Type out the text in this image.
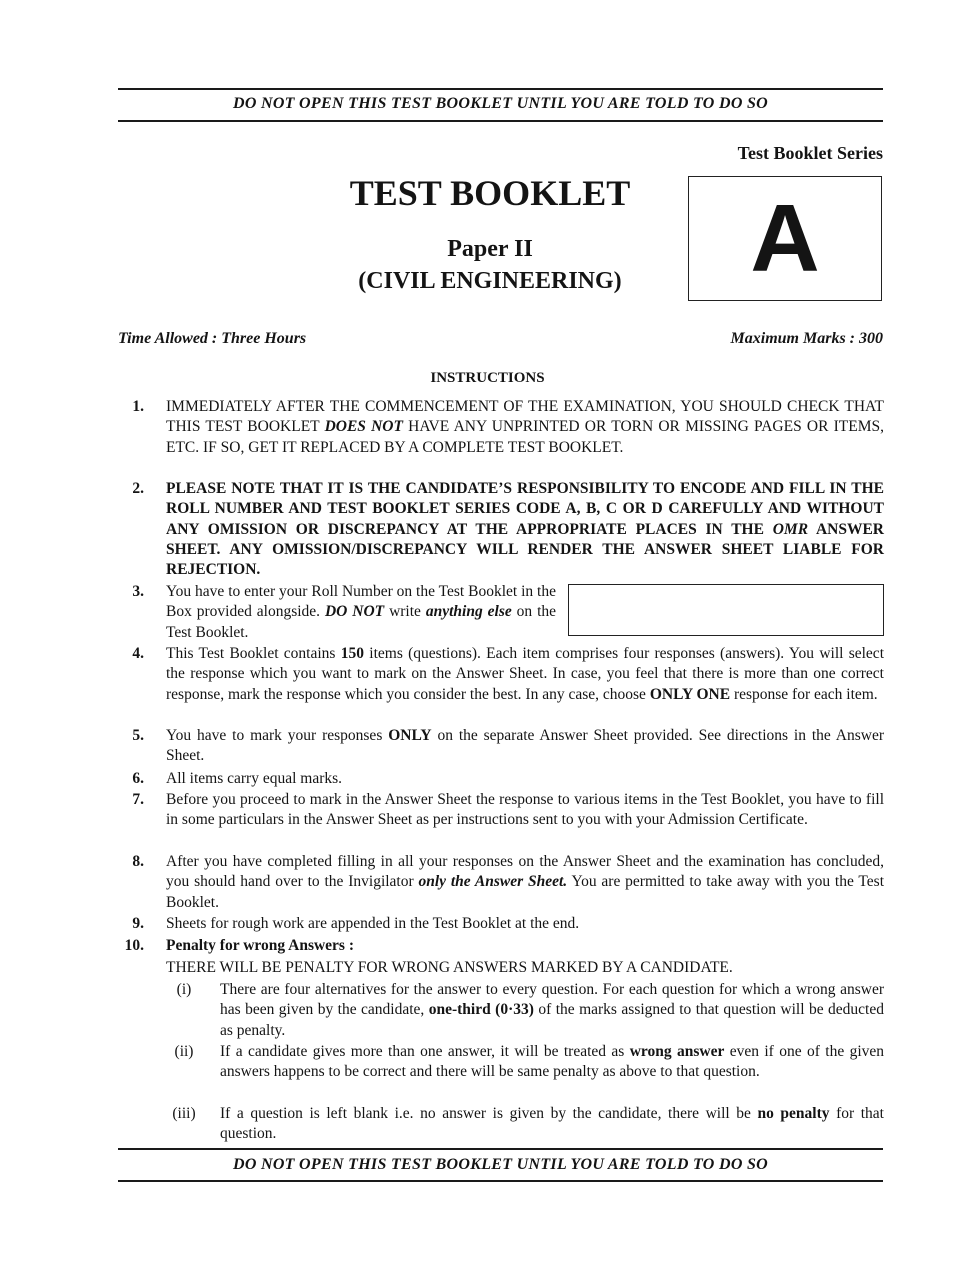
DO NOT OPEN THIS TEST BOOKLET UNTIL YOU ARE TOLD TO DO SO
Test Booklet Series
A
TEST BOOKLET
Paper II
(CIVIL ENGINEERING)
Time Allowed : Three Hours	Maximum Marks : 300
INSTRUCTIONS
1. IMMEDIATELY AFTER THE COMMENCEMENT OF THE EXAMINATION, YOU SHOULD CHECK THAT THIS TEST BOOKLET DOES NOT HAVE ANY UNPRINTED OR TORN OR MISSING PAGES OR ITEMS, ETC. IF SO, GET IT REPLACED BY A COMPLETE TEST BOOKLET.
2. PLEASE NOTE THAT IT IS THE CANDIDATE’S RESPONSIBILITY TO ENCODE AND FILL IN THE ROLL NUMBER AND TEST BOOKLET SERIES CODE A, B, C OR D CAREFULLY AND WITHOUT ANY OMISSION OR DISCREPANCY AT THE APPROPRIATE PLACES IN THE OMR ANSWER SHEET. ANY OMISSION/DISCREPANCY WILL RENDER THE ANSWER SHEET LIABLE FOR REJECTION.
3. You have to enter your Roll Number on the Test Booklet in the Box provided alongside. DO NOT write anything else on the Test Booklet.
4. This Test Booklet contains 150 items (questions). Each item comprises four responses (answers). You will select the response which you want to mark on the Answer Sheet. In case, you feel that there is more than one correct response, mark the response which you consider the best. In any case, choose ONLY ONE response for each item.
5. You have to mark your responses ONLY on the separate Answer Sheet provided. See directions in the Answer Sheet.
6. All items carry equal marks.
7. Before you proceed to mark in the Answer Sheet the response to various items in the Test Booklet, you have to fill in some particulars in the Answer Sheet as per instructions sent to you with your Admission Certificate.
8. After you have completed filling in all your responses on the Answer Sheet and the examination has concluded, you should hand over to the Invigilator only the Answer Sheet. You are permitted to take away with you the Test Booklet.
9. Sheets for rough work are appended in the Test Booklet at the end.
10. Penalty for wrong Answers :
THERE WILL BE PENALTY FOR WRONG ANSWERS MARKED BY A CANDIDATE.
(i)	There are four alternatives for the answer to every question. For each question for which a wrong answer has been given by the candidate, one-third (0·33) of the marks assigned to that question will be deducted as penalty.
(ii)	If a candidate gives more than one answer, it will be treated as wrong answer even if one of the given answers happens to be correct and there will be same penalty as above to that question.
(iii)	If a question is left blank i.e. no answer is given by the candidate, there will be no penalty for that question.
DO NOT OPEN THIS TEST BOOKLET UNTIL YOU ARE TOLD TO DO SO
